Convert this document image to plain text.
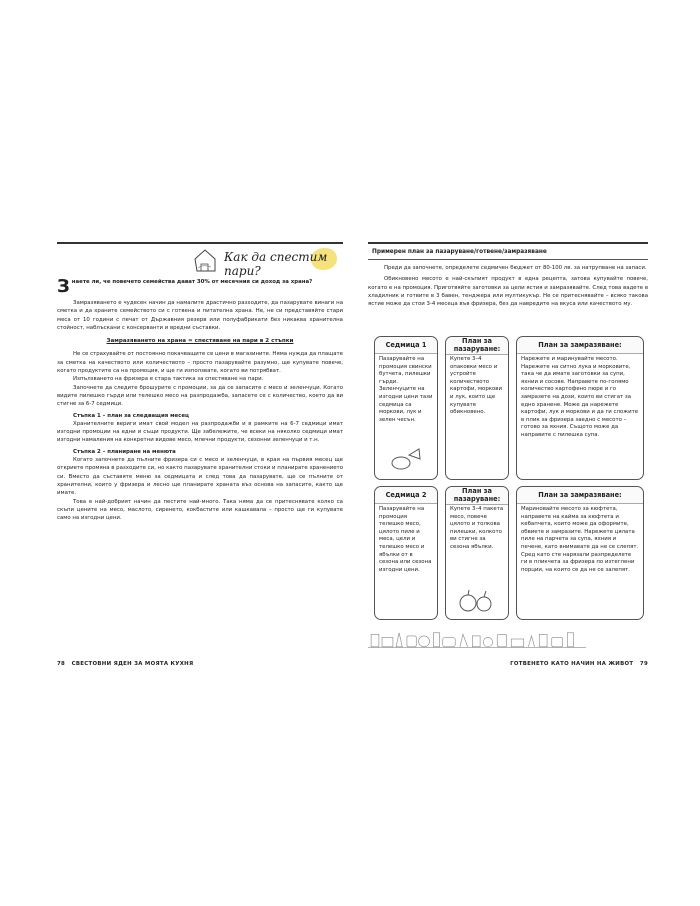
Как да спестим пари?

Знаете ли, че повечето семейства дават 30% от месечния си доход за храна?

Замразяването е чудесен начин да намалите драстично разходите, да пазарувате винаги на сметка и да храните семейството си с готвена и питателна храна. Не, не си представяйте стари меса от 10 години с печат от Държавния резерв или полуфабрикати без никаква хранителна стойност, наблъскани с консерванти и вредни съставки.

Замразяването на храна = спестяване на пари в 2 стъпки

Не се страхувайте от постоянно покачващите се цени в магазините. Няма нужда да плащате за сметка на качеството или количеството – просто пазарувайте разумно, ще купувате повече, когато продуктите са на промоция, и ще ги използвате, когато ви потрябват.

Изпълзването на фризера е стара тактика за спестяване на пари.

Започнете да следите брошурите с промоции, за да се запасите с месо и зеленчуци. Когато видите пилешко гърди или телешко месо на разпродажба, запасете се с количество, което да ви стигне за 6-7 седмици.

Стъпка 1 – план за следващия месец

Хранителните вериги имат свой модел на разпродажби и в рамките на 6-7 седмици имат изгодни промоции на едни и същи продукти. Ще забележите, че всеки на няколко седмици имат изгодни намаления на конкретни видове месо, млечни продукти, сезонни зеленчуци и т.н.

Стъпка 2 – планиране на менюта

Когато започнете да пълните фризера си с месо и зеленчуци, в края на първия месец ще откриете промяна в разходите си, но както пазарувате хранителни стоки и планирате хранението си. Вместо да съставяте меню за седмицата и след това да пазарувате, ще се пълните от хранителни, които у фризера и лесно ще планирате храната въз основа на запасите, както ще имате.

Това е най-добрият начин да пестите най-много. Така няма да се притеснявате колко са скъпи цените на месо, маслото, сиренето, кокбастите или кашкавала – просто ще ги купувате само на изгодни цени.

78 СВЕСТОВНИ ЯДЕН ЗА МОЯТА КУХНЯ
Примерен план за пазаруване/готвене/замразяване

Преди да започнете, определете седмичен бюджет от 80-100 лв. за натрупване на запаси.

Обикновено месото е най-скъпият продукт в една рецепта, затова купувайте повече, когато е на промоция. Приготвяйте заготовки за цели ястия и замразявайте. След това вадете в хладилник и готвите в 3 бавен, тенджера или мултикукър. Не се притеснявайте – всяко такова ястие може да стои 3-4 месеца във фризера, без да навредите на вкуса или качеството му.

Седмица 1
Пазарувайте на промоция свински бутчета, пилешки гърди. Зеленчуците на изгодни цени тази седмица са моркови, лук и зелен чесън.
План за пазаруване:
Купете 3–4 опаковки месо и устройте количеството картофи, моркови и лук, които ще купувате обикновено.
План за замразяване:
Нарежете и маринувайте месото. Нарежете на ситно лука и морковите, така че да имате заготовки за супи, яхнии и сосове. Направете по-голямо количество картофено пюре и го замразете на дози, които ви стигат за едно хранене. Може да нарежете картофи, лук и моркови и да ги сложите в плик за фризера заедно с месото – готово за яхния. Същото може да направите с пилешка супа.
Седмица 2
Пазарувайте на промоция телешко месо, цялото пиле и меса, цели и телешко месо и ябълки от в сезона или сезона изгодни цени.
План за пазаруване:
Купете 3–4 пакета месо, повече цялото и толкова пилешки, колкото ви стигне за сезона ябълки.
План за замразяване:
Мариновайте месото за кюфтета, направете на кайма за кюфтета и кебапчета, които може да оформите, обвиете и замразите. Нарежете цялата пиле на парчета за супа, яхния и печене, катo внимавате да не се слепят. Сред като сте нарязали разпределете ги в пликчета за фризера по изтеглени порции, на които се да не се залепят.
ГОТВЕНЕТО КАТО НАЧИН НА ЖИВОТ 79
